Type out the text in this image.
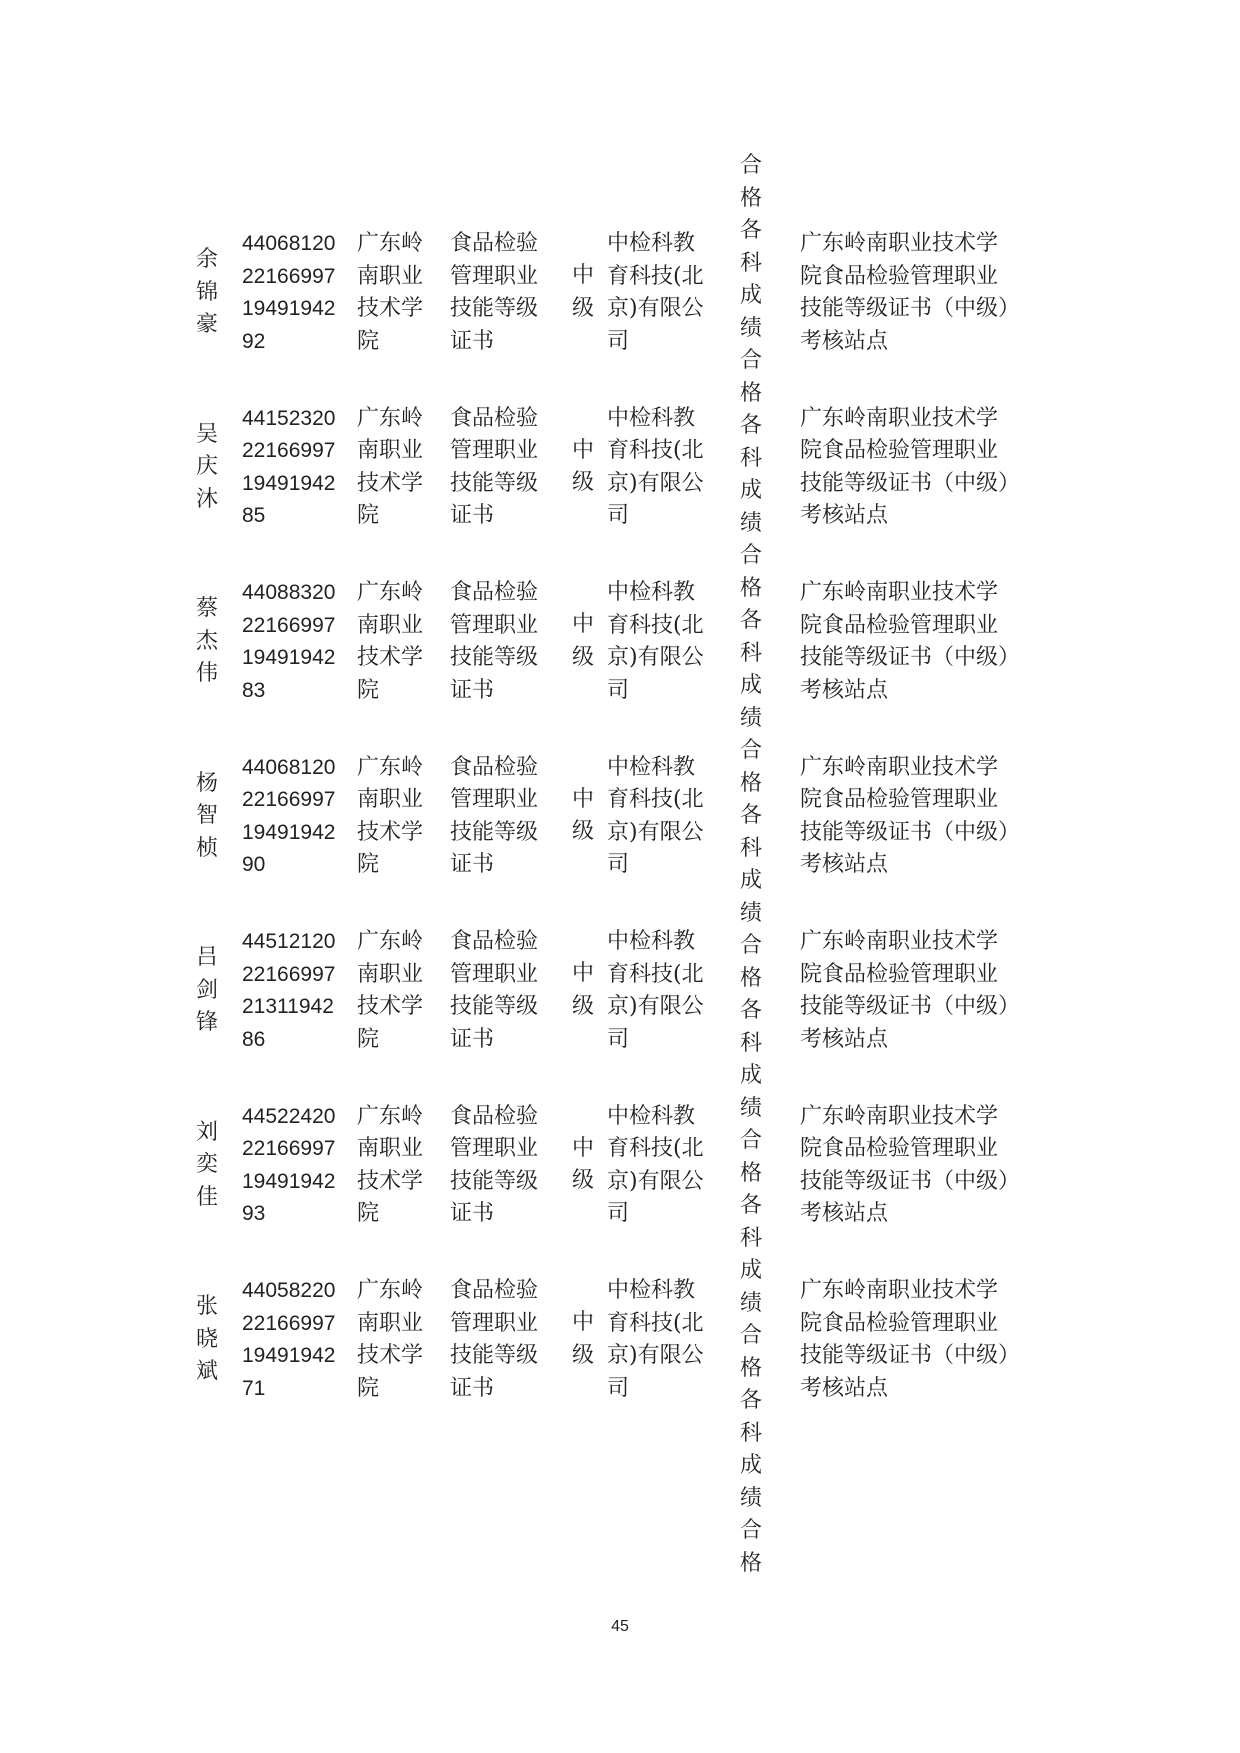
余
锦
豪
44068120
22166997
19491942
92
广东岭
南职业
技术学
院
食品检验
管理职业
技能等级
证书
中
级
中检科教
育科技(北
京)有限公
司
广东岭南职业技术学
院食品检验管理职业
技能等级证书（中级）
考核站点
吴
庆
沐
44152320
22166997
19491942
85
广东岭
南职业
技术学
院
食品检验
管理职业
技能等级
证书
中
级
中检科教
育科技(北
京)有限公
司
广东岭南职业技术学
院食品检验管理职业
技能等级证书（中级）
考核站点
蔡
杰
伟
44088320
22166997
19491942
83
广东岭
南职业
技术学
院
食品检验
管理职业
技能等级
证书
中
级
中检科教
育科技(北
京)有限公
司
广东岭南职业技术学
院食品检验管理职业
技能等级证书（中级）
考核站点
杨
智
桢
44068120
22166997
19491942
90
广东岭
南职业
技术学
院
食品检验
管理职业
技能等级
证书
中
级
中检科教
育科技(北
京)有限公
司
广东岭南职业技术学
院食品检验管理职业
技能等级证书（中级）
考核站点
吕
剑
锋
44512120
22166997
21311942
86
广东岭
南职业
技术学
院
食品检验
管理职业
技能等级
证书
中
级
中检科教
育科技(北
京)有限公
司
广东岭南职业技术学
院食品检验管理职业
技能等级证书（中级）
考核站点
刘
奕
佳
44522420
22166997
19491942
93
广东岭
南职业
技术学
院
食品检验
管理职业
技能等级
证书
中
级
中检科教
育科技(北
京)有限公
司
广东岭南职业技术学
院食品检验管理职业
技能等级证书（中级）
考核站点
张
晓
斌
44058220
22166997
19491942
71
广东岭
南职业
技术学
院
食品检验
管理职业
技能等级
证书
中
级
中检科教
育科技(北
京)有限公
司
广东岭南职业技术学
院食品检验管理职业
技能等级证书（中级）
考核站点
合
格
各
科
成
绩
合
格
各
科
成
绩
合
格
各
科
成
绩
合
格
各
科
成
绩
合
格
各
科
成
绩
合
格
各
科
成
绩
合
格
各
科
成
绩
合
格
45
